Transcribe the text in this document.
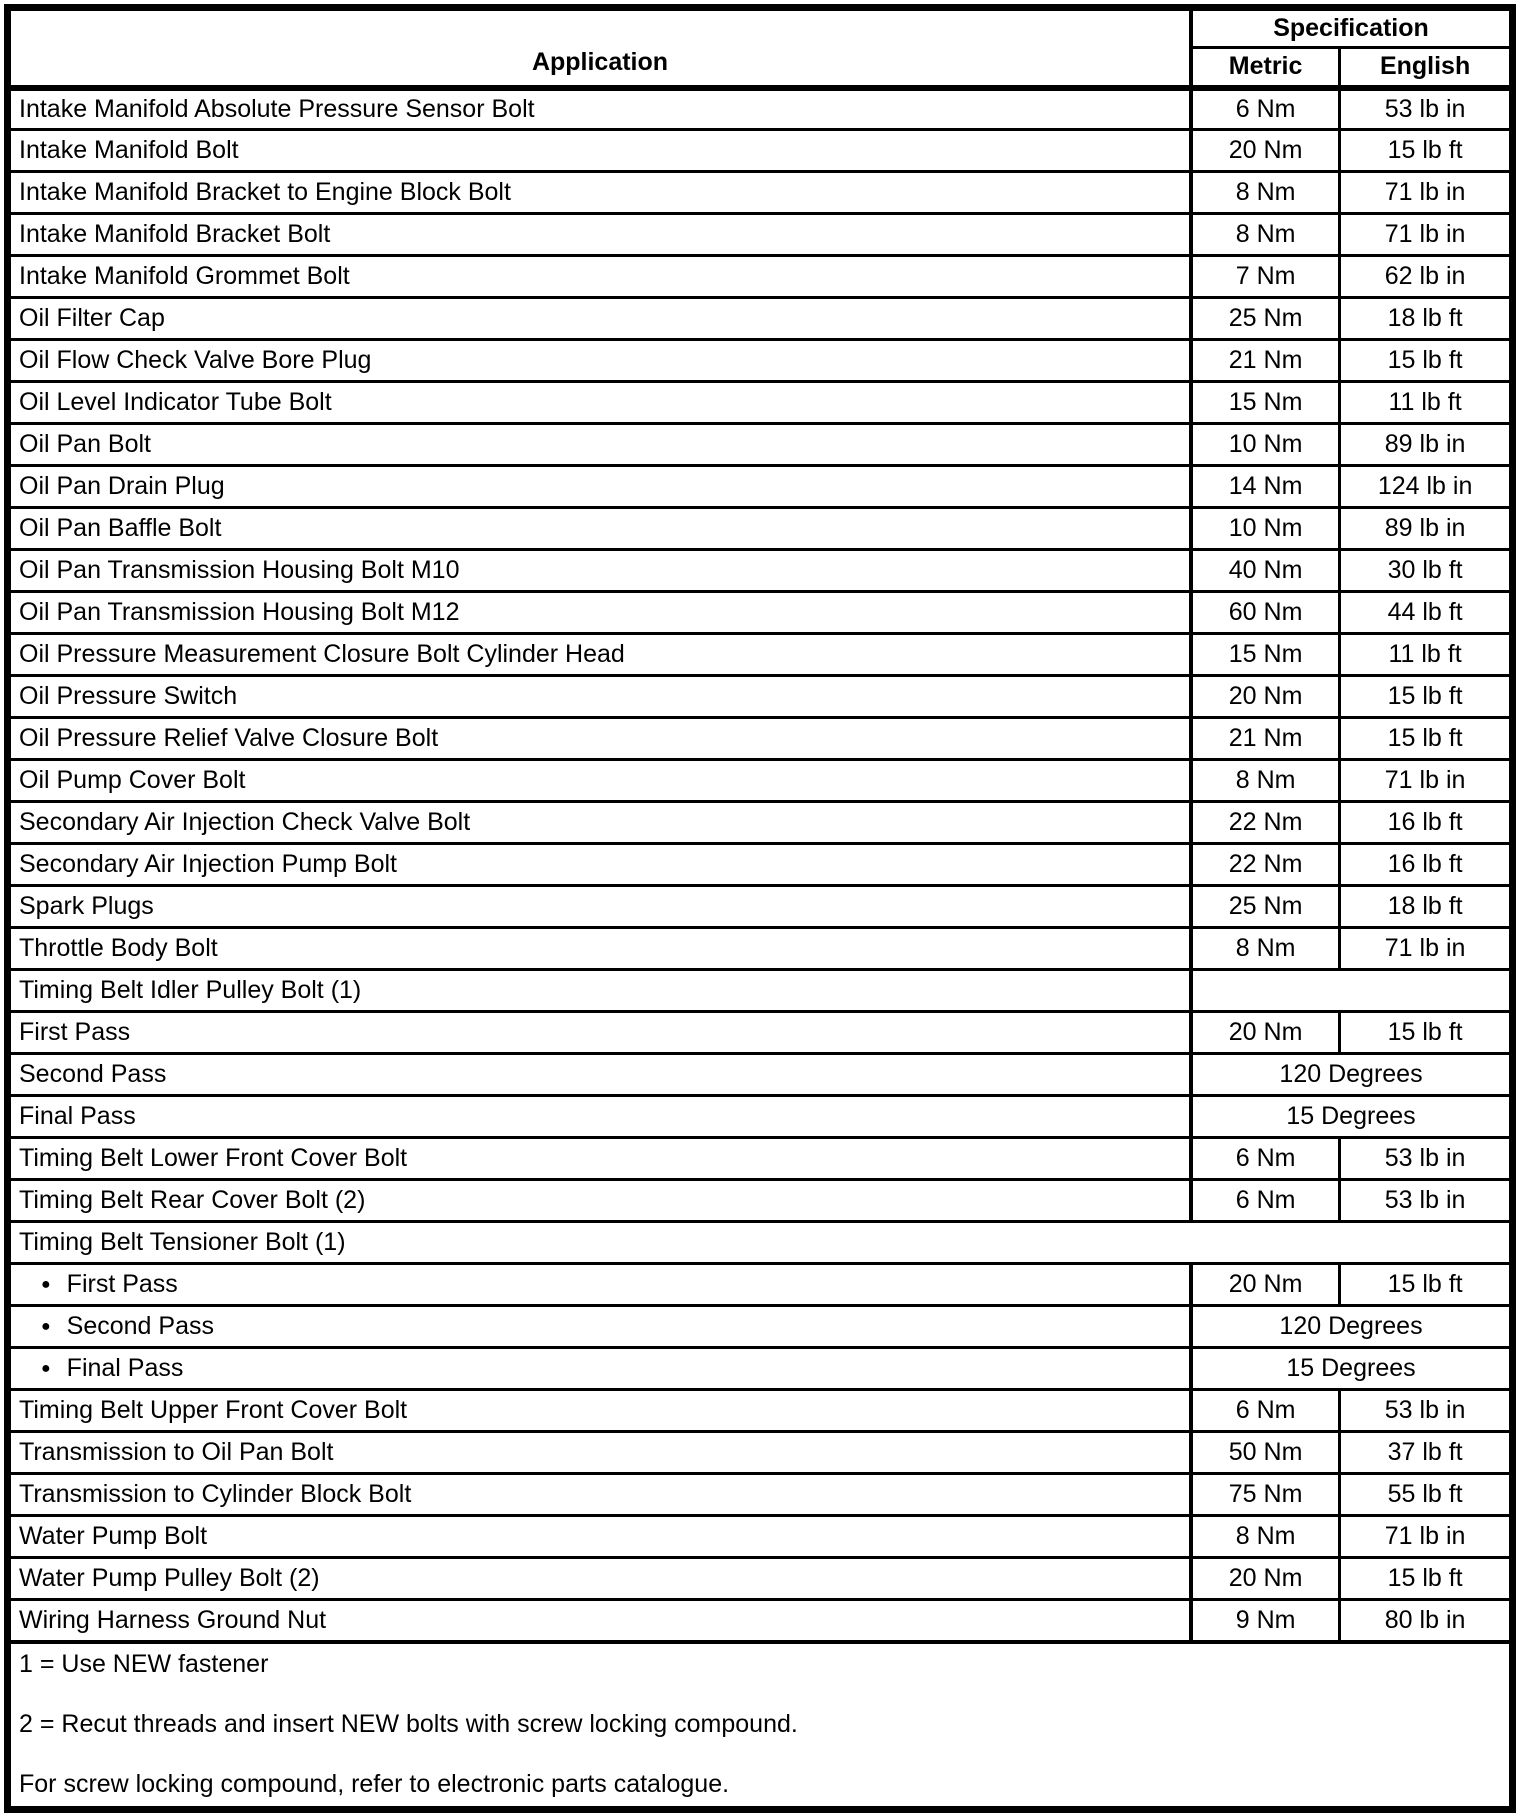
Application	Specification	
	Metric	English
Intake Manifold Absolute Pressure Sensor Bolt	6 Nm	53 lb in
Intake Manifold Bolt	20 Nm	15 lb ft
Intake Manifold Bracket to Engine Block Bolt	8 Nm	71 lb in
Intake Manifold Bracket Bolt	8 Nm	71 lb in
Intake Manifold Grommet Bolt	7 Nm	62 lb in
Oil Filter Cap	25 Nm	18 lb ft
Oil Flow Check Valve Bore Plug	21 Nm	15 lb ft
Oil Level Indicator Tube Bolt	15 Nm	11 lb ft
Oil Pan Bolt	10 Nm	89 lb in
Oil Pan Drain Plug	14 Nm	124 lb in
Oil Pan Baffle Bolt	10 Nm	89 lb in
Oil Pan Transmission Housing Bolt M10	40 Nm	30 lb ft
Oil Pan Transmission Housing Bolt M12	60 Nm	44 lb ft
Oil Pressure Measurement Closure Bolt Cylinder Head	15 Nm	11 lb ft
Oil Pressure Switch	20 Nm	15 lb ft
Oil Pressure Relief Valve Closure Bolt	21 Nm	15 lb ft
Oil Pump Cover Bolt	8 Nm	71 lb in
Secondary Air Injection Check Valve Bolt	22 Nm	16 lb ft
Secondary Air Injection Pump Bolt	22 Nm	16 lb ft
Spark Plugs	25 Nm	18 lb ft
Throttle Body Bolt	8 Nm	71 lb in
Timing Belt Idler Pulley Bolt (1)		
First Pass	20 Nm	15 lb ft
Second Pass	120 Degrees	
Final Pass	15 Degrees	
Timing Belt Lower Front Cover Bolt	6 Nm	53 lb in
Timing Belt Rear Cover Bolt (2)	6 Nm	53 lb in
Timing Belt Tensioner Bolt (1)		
● First Pass	20 Nm	15 lb ft
● Second Pass	120 Degrees	
● Final Pass	15 Degrees	
Timing Belt Upper Front Cover Bolt	6 Nm	53 lb in
Transmission to Oil Pan Bolt	50 Nm	37 lb ft
Transmission to Cylinder Block Bolt	75 Nm	55 lb ft
Water Pump Bolt	8 Nm	71 lb in
Water Pump Pulley Bolt (2)	20 Nm	15 lb ft
Wiring Harness Ground Nut	9 Nm	80 lb in

1 = Use NEW fastener

2 = Recut threads and insert NEW bolts with screw locking compound.

For screw locking compound, refer to electronic parts catalogue.		
